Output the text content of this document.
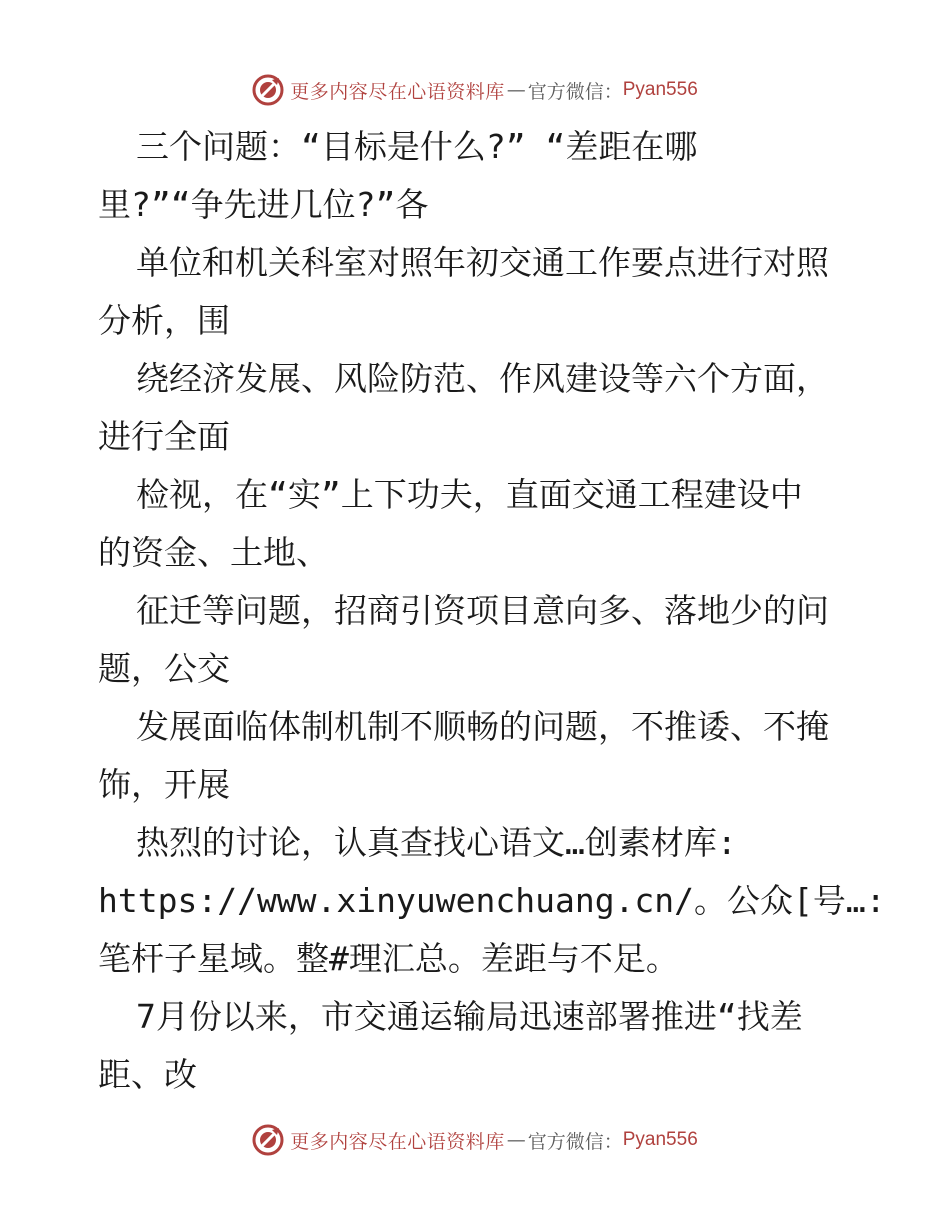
更多内容尽在心语资料库 — 官方微信： Pyan556
三个问题：“目标是什么?” “差距在哪
里?”“争先进几位?”各
单位和机关科室对照年初交通工作要点进行对照
分析，围
绕经济发展、风险防范、作风建设等六个方面，
进行全面
检视，在“实”上下功夫，直面交通工程建设中
的资金、土地、
征迁等问题，招商引资项目意向多、落地少的问
题，公交
发展面临体制机制不顺畅的问题，不推诿、不掩
饰，开展
热烈的讨论，认真查找心语文…创素材库:
https://www.xinyuwenchuang.cn/。公众[号…:
笔杆子星域。整#理汇总。差距与不足。
7月份以来，市交通运输局迅速部署推进“找差
距、改
更多内容尽在心语资料库 — 官方微信： Pyan556
